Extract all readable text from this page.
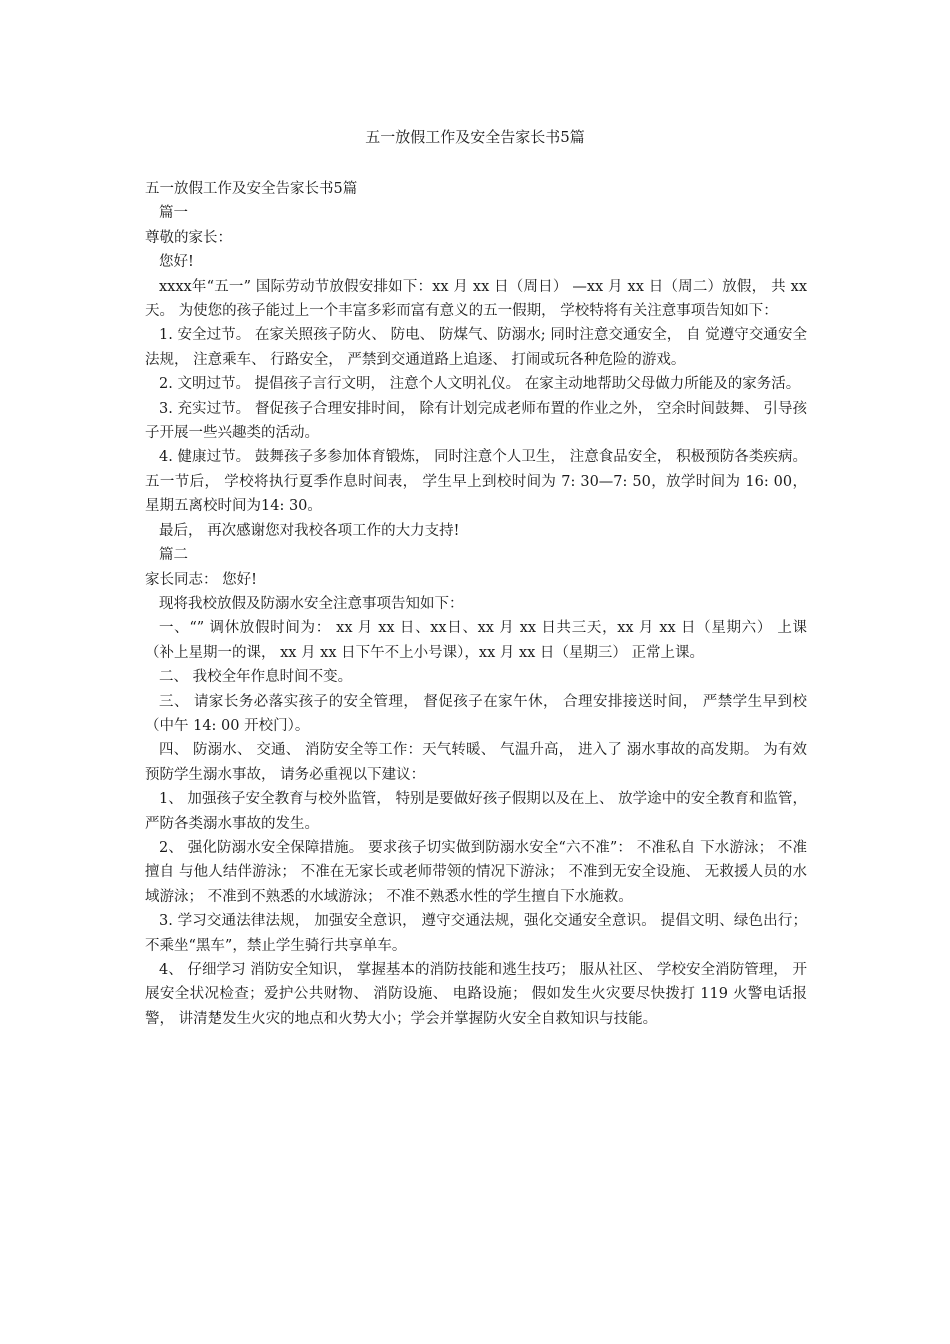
五一放假工作及安全告家长书5篇

五一放假工作及安全告家长书5篇

篇一

尊敬的家长：

您好!

xxxx年“五一” 国际劳动节放假安排如下：xx 月 xx 日（周日） —xx 月 xx 日（周二）放假， 共 xx天。 为使您的孩子能过上一个丰富多彩而富有意义的五一假期， 学校特将有关注意事项告知如下：

1. 安全过节。 在家关照孩子防火、 防电、 防煤气、防溺水; 同时注意交通安全， 自 觉遵守交通安全法规， 注意乘车、 行路安全， 严禁到交通道路上追逐、 打闹或玩各种危险的游戏。

2. 文明过节。 提倡孩子言行文明， 注意个人文明礼仪。 在家主动地帮助父母做力所能及的家务活。

3. 充实过节。 督促孩子合理安排时间， 除有计划完成老师布置的作业之外， 空余时间鼓舞、 引导孩子开展一些兴趣类的活动。

4. 健康过节。 鼓舞孩子多参加体育锻炼， 同时注意个人卫生， 注意食品安全， 积极预防各类疾病。五一节后， 学校将执行夏季作息时间表， 学生早上到校时间为 7: 30—7: 50，放学时间为 16: 00， 星期五离校时间为14: 30。

最后， 再次感谢您对我校各项工作的大力支持!

篇二

家长同志： 您好!

现将我校放假及防溺水安全注意事项告知如下：

一、“” 调休放假时间为： xx 月 xx 日、xx日、xx 月 xx 日共三天，xx 月 xx 日（星期六） 上课（补上星期一的课， xx 月 xx 日下午不上小号课），xx 月 xx 日（星期三） 正常上课。

二、 我校全年作息时间不变。

三、 请家长务必落实孩子的安全管理， 督促孩子在家午休， 合理安排接送时间， 严禁学生早到校（中午 14: 00 开校门）。

四、 防溺水、 交通、 消防安全等工作：天气转暖、 气温升高， 进入了 溺水事故的高发期。 为有效预防学生溺水事故， 请务必重视以下建议：

1、 加强孩子安全教育与校外监管， 特别是要做好孩子假期以及在上、 放学途中的安全教育和监管， 严防各类溺水事故的发生。

2、 强化防溺水安全保障措施。 要求孩子切实做到防溺水安全“六不准”： 不准私自 下水游泳； 不准擅自 与他人结伴游泳； 不准在无家长或老师带领的情况下游泳； 不准到无安全设施、 无救援人员的水域游泳； 不准到不熟悉的水域游泳； 不准不熟悉水性的学生擅自下水施救。

3. 学习交通法律法规， 加强安全意识， 遵守交通法规，强化交通安全意识。 提倡文明、绿色出行； 不乘坐“黑车”，禁止学生骑行共享单车。

4、 仔细学习 消防安全知识， 掌握基本的消防技能和逃生技巧； 服从社区、 学校安全消防管理， 开展安全状况检查；爱护公共财物、 消防设施、 电路设施； 假如发生火灾要尽快拨打 119 火警电话报警， 讲清楚发生火灾的地点和火势大小；学会并掌握防火安全自救知识与技能。
